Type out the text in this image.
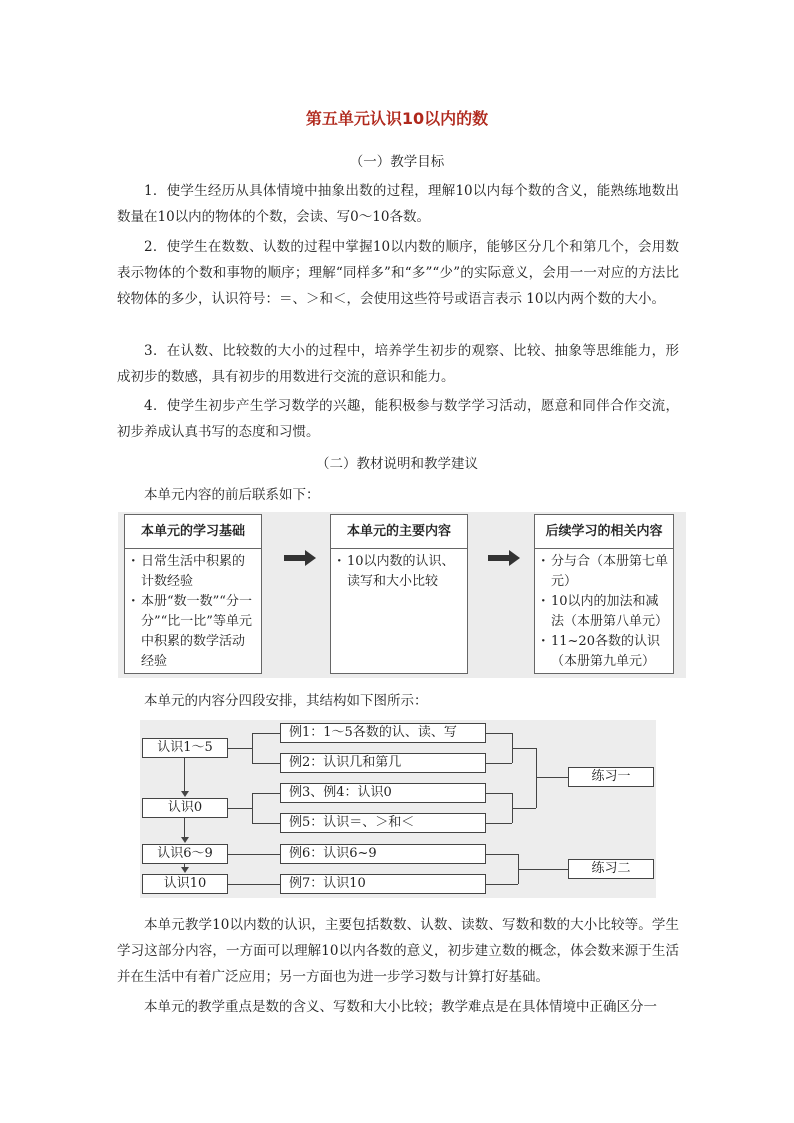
第五单元认识10以内的数
（一）教学目标

1．使学生经历从具体情境中抽象出数的过程，理解10以内每个数的含义，能熟练地数出数量在10以内的物体的个数，会读、写0～10各数。

2．使学生在数数、认数的过程中掌握10以内数的顺序，能够区分几个和第几个，会用数表示物体的个数和事物的顺序；理解“同样多”和“多”“少”的实际意义，会用一一对应的方法比较物体的多少，认识符号：＝、＞和＜，会使用这些符号或语言表示 10以内两个数的大小。

3．在认数、比较数的大小的过程中，培养学生初步的观察、比较、抽象等思维能力，形成初步的数感，具有初步的用数进行交流的意识和能力。

4．使学生初步产生学习数学的兴趣，能积极参与数学学习活动，愿意和同伴合作交流，初步养成认真书写的态度和习惯。

（二）教材说明和教学建议

本单元内容的前后联系如下：

本单元的学习基础
· 日常生活中积累的计数经验
· 本册“数一数”“分一分”“比一比”等单元中积累的数学活动经验
本单元的主要内容
· 10以内数的认识、读写和大小比较
后续学习的相关内容
· 分与合（本册第七单元）
· 10以内的加法和减法（本册第八单元）
· 11~20各数的认识（本册第九单元）

本单元的内容分四段安排，其结构如下图所示：

认识1～5
认识0
认识6～9
认识10
例1：1～5各数的认、读、写
例2：认识几和第几
例3、例4：认识0
例5：认识＝、＞和＜
例6：认识6~9
例7：认识10
练习一
练习二

本单元教学10以内数的认识，主要包括数数、认数、读数、写数和数的大小比较等。学生学习这部分内容，一方面可以理解10以内各数的意义，初步建立数的概念，体会数来源于生活并在生活中有着广泛应用；另一方面也为进一步学习数与计算打好基础。

本单元的教学重点是数的含义、写数和大小比较；教学难点是在具体情境中正确区分一
